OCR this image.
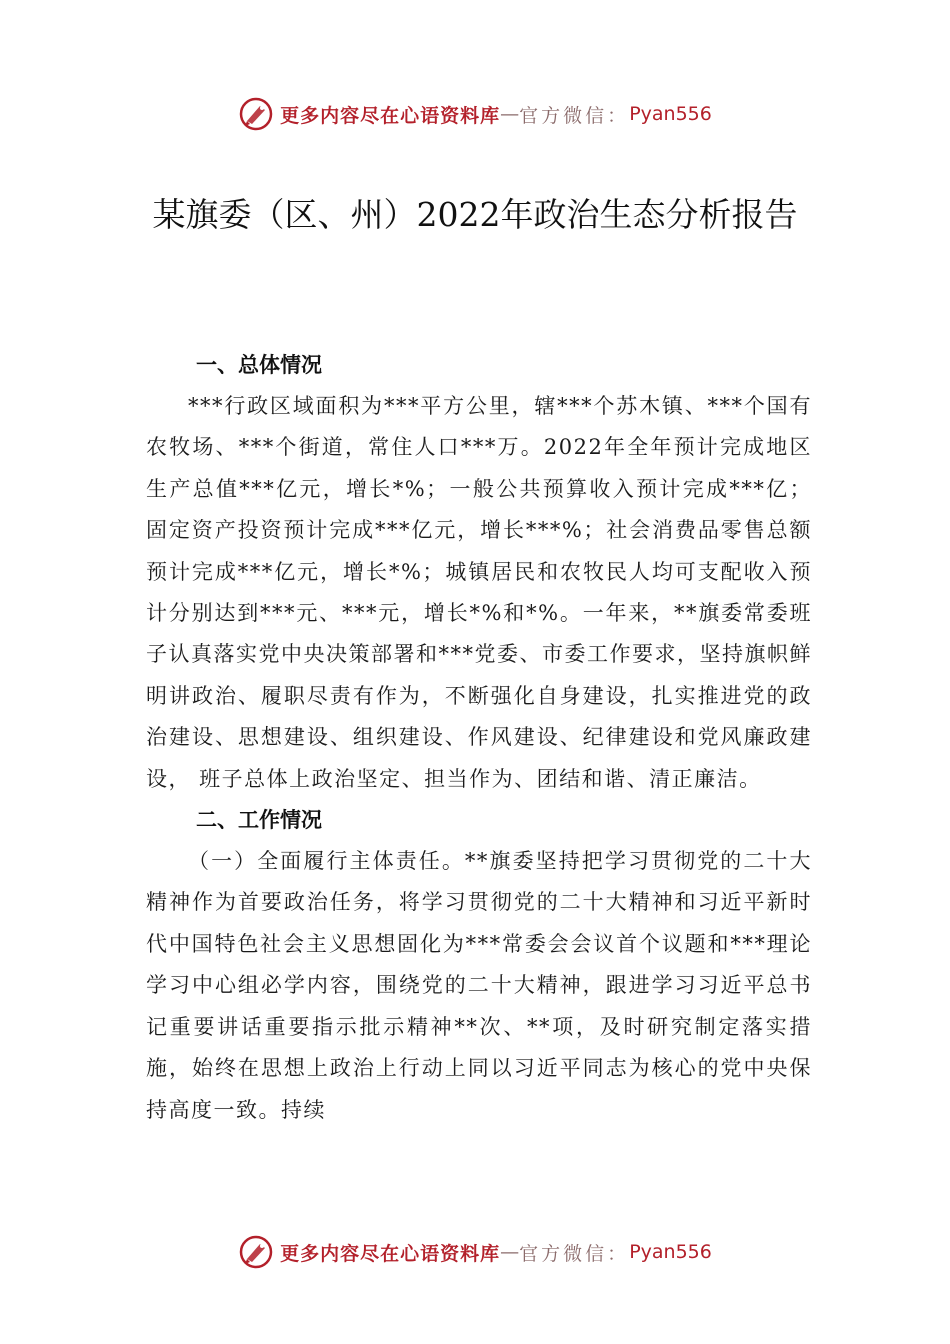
更多内容尽在心语资料库 — 官方微信： Pyan556
某旗委（区、州）2022年政治生态分析报告

一、总体情况

***行政区域面积为***平方公里，辖***个苏木镇、***个国有农牧场、***个街道，常住人口***万。2022年全年预计完成地区生产总值***亿元，增长*%；一般公共预算收入预计完成***亿；固定资产投资预计完成***亿元，增长***%；社会消费品零售总额预计完成***亿元，增长*%；城镇居民和农牧民人均可支配收入预计分别达到***元、***元，增长*%和*%。一年来，**旗委常委班子认真落实党中央决策部署和***党委、市委工作要求，坚持旗帜鲜明讲政治、履职尽责有作为，不断强化自身建设，扎实推进党的政治建设、思想建设、组织建设、作风建设、纪律建设和党风廉政建设， 班子总体上政治坚定、担当作为、团结和谐、清正廉洁。

二、工作情况

（一）全面履行主体责任。**旗委坚持把学习贯彻党的二十大精神作为首要政治任务，将学习贯彻党的二十大精神和习近平新时代中国特色社会主义思想固化为***常委会会议首个议题和***理论学习中心组必学内容，围绕党的二十大精神，跟进学习习近平总书记重要讲话重要指示批示精神**次、**项，及时研究制定落实措施，始终在思想上政治上行动上同以习近平同志为核心的党中央保持高度一致。持续

更多内容尽在心语资料库 — 官方微信： Pyan556
